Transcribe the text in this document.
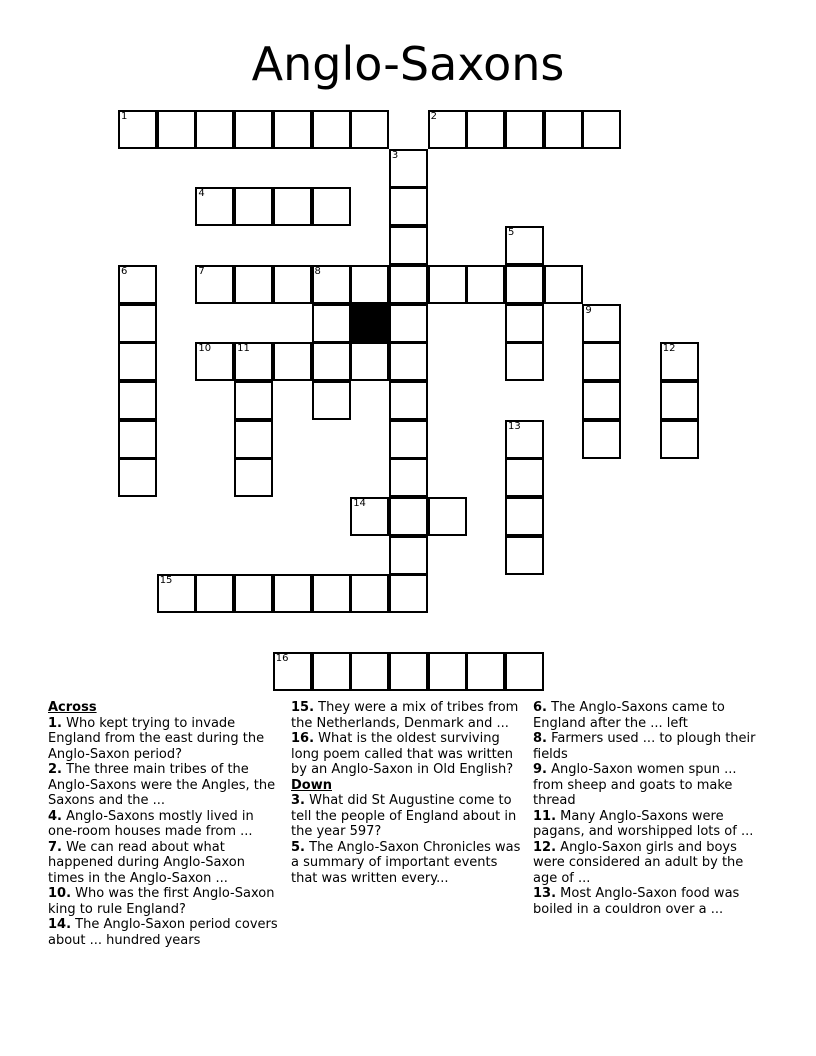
Anglo-Saxons
1	2
3
4
5
6	7	8
9
10	11	12
13
14
15
16
Across
1. Who kept trying to invade England from the east during the Anglo-Saxon period?
2. The three main tribes of the Anglo-Saxons were the Angles, the Saxons and the ...
4. Anglo-Saxons mostly lived in one-room houses made from ...
7. We can read about what happened during Anglo-Saxon times in the Anglo-Saxon ...
10. Who was the first Anglo-Saxon king to rule England?
14. The Anglo-Saxon period covers about ... hundred years
15. They were a mix of tribes from the Netherlands, Denmark and ...
16. What is the oldest surviving long poem called that was written by an Anglo-Saxon in Old English?
Down
3. What did St Augustine come to tell the people of England about in the year 597?
5. The Anglo-Saxon Chronicles was a summary of important events that was written every...
6. The Anglo-Saxons came to England after the ... left
8. Farmers used ... to plough their fields
9. Anglo-Saxon women spun ... from sheep and goats to make thread
11. Many Anglo-Saxons were pagans, and worshipped lots of ...
12. Anglo-Saxon girls and boys were considered an adult by the age of ...
13. Most Anglo-Saxon food was boiled in a couldron over a ...
